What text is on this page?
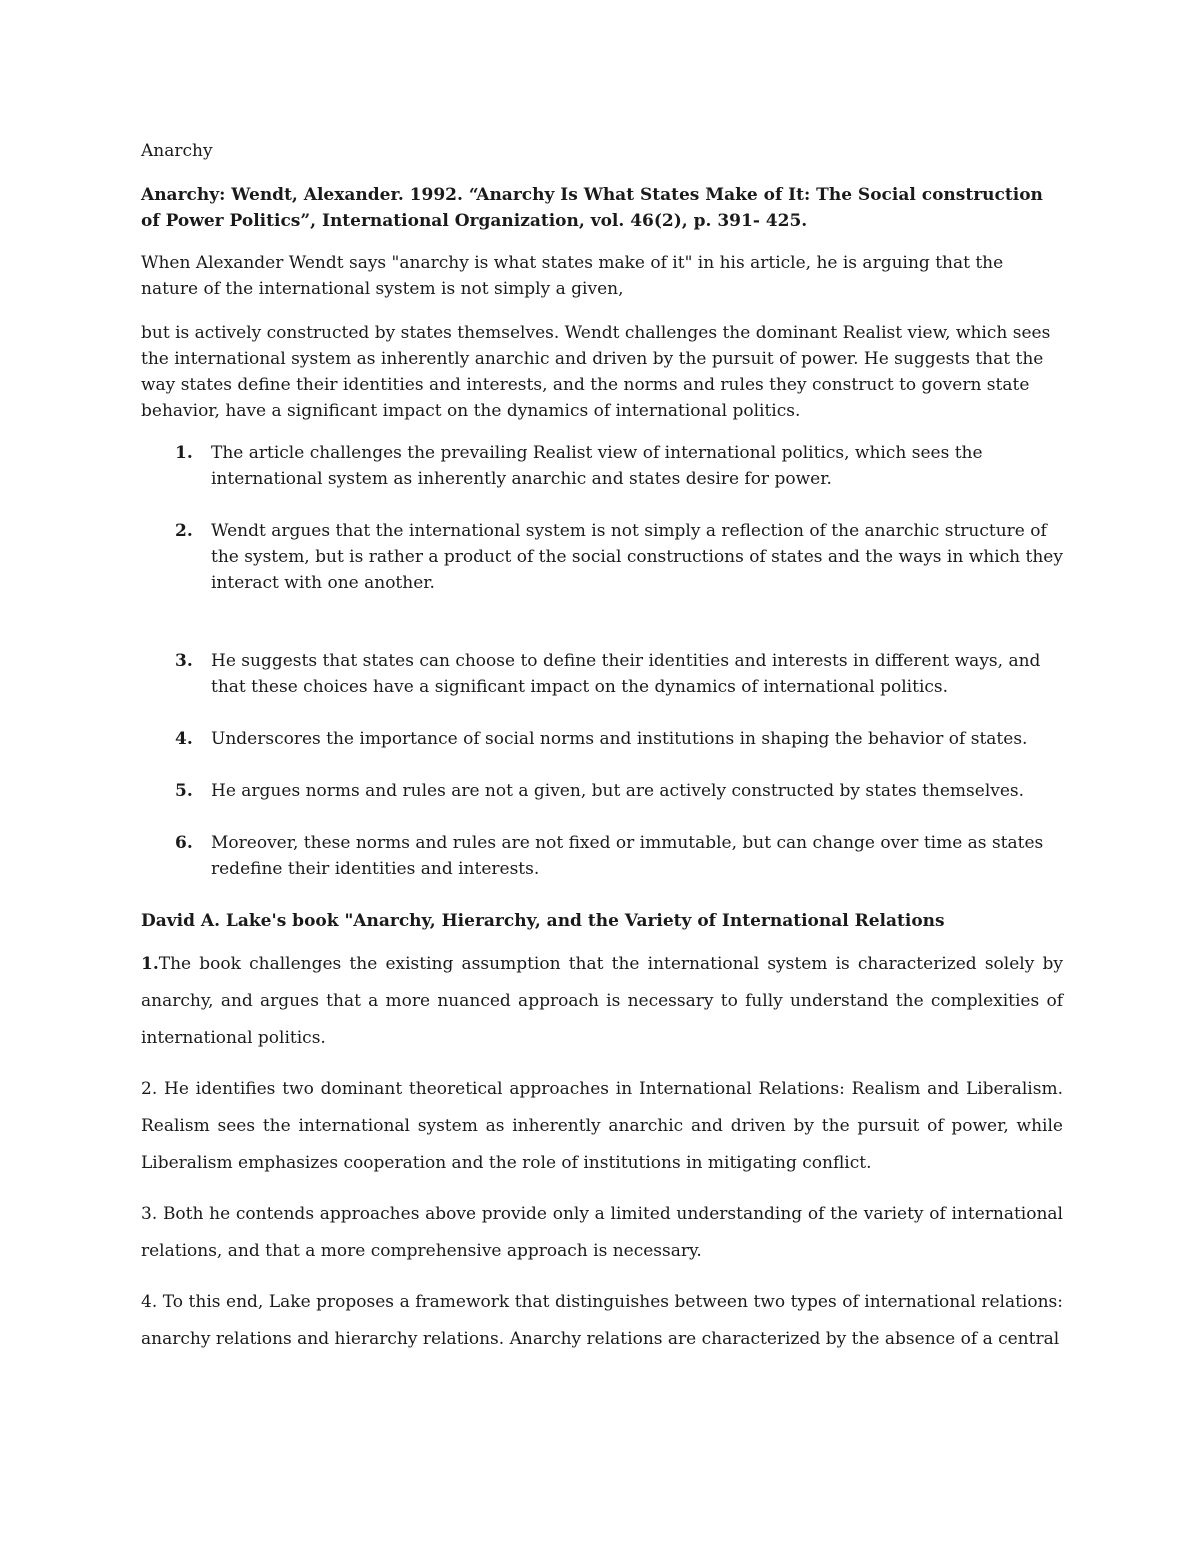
Anarchy

Anarchy: Wendt, Alexander. 1992. “Anarchy Is What States Make of It: The Social construction of Power Politics”, International Organization, vol. 46(2), p. 391- 425.

When Alexander Wendt says "anarchy is what states make of it" in his article, he is arguing that the nature of the international system is not simply a given,

but is actively constructed by states themselves. Wendt challenges the dominant Realist view, which sees the international system as inherently anarchic and driven by the pursuit of power. He suggests that the way states define their identities and interests, and the norms and rules they construct to govern state behavior, have a significant impact on the dynamics of international politics.

1. The article challenges the prevailing Realist view of international politics, which sees the international system as inherently anarchic and states desire for power.
2. Wendt argues that the international system is not simply a reflection of the anarchic structure of the system, but is rather a product of the social constructions of states and the ways in which they interact with one another.
3. He suggests that states can choose to define their identities and interests in different ways, and that these choices have a significant impact on the dynamics of international politics.
4. Underscores the importance of social norms and institutions in shaping the behavior of states.
5. He argues norms and rules are not a given, but are actively constructed by states themselves.
6. Moreover, these norms and rules are not fixed or immutable, but can change over time as states redefine their identities and interests.

David A. Lake's book "Anarchy, Hierarchy, and the Variety of International Relations

1.The book challenges the existing assumption that the international system is characterized solely by anarchy, and argues that a more nuanced approach is necessary to fully understand the complexities of international politics.

2. He identifies two dominant theoretical approaches in International Relations: Realism and Liberalism. Realism sees the international system as inherently anarchic and driven by the pursuit of power, while Liberalism emphasizes cooperation and the role of institutions in mitigating conflict.

3. Both he contends approaches above provide only a limited understanding of the variety of international relations, and that a more comprehensive approach is necessary.

4. To this end, Lake proposes a framework that distinguishes between two types of international relations: anarchy relations and hierarchy relations. Anarchy relations are characterized by the absence of a central
